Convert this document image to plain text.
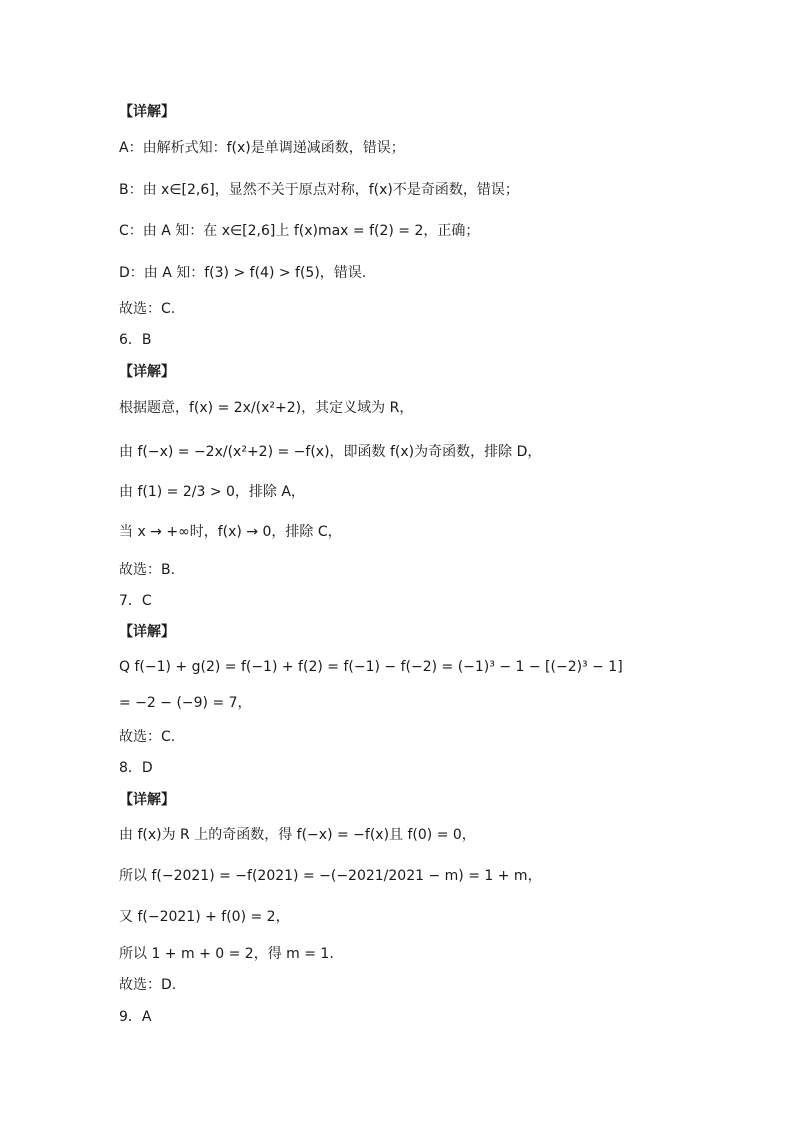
【详解】
A：由解析式知：f(x)是单调递减函数，错误；
B：由 x∈[2,6]，显然不关于原点对称，f(x)不是奇函数，错误；
C：由 A 知：在 x∈[2,6]上 f(x)max = f(2) = 2，正确；
D：由 A 知：f(3) > f(4) > f(5)，错误.
故选：C.
6．B
【详解】
根据题意，f(x) = 2x/(x²+2)，其定义域为 R，
由 f(−x) = −2x/(x²+2) = −f(x)，即函数 f(x)为奇函数，排除 D，
由 f(1) = 2/3 > 0，排除 A，
当 x → +∞时，f(x) → 0，排除 C，
故选：B.
7．C
【详解】
Q f(−1) + g(2) = f(−1) + f(2) = f(−1) − f(−2) = (−1)³ − 1 − [(−2)³ − 1]
= −2 − (−9) = 7，
故选：C.
8．D
【详解】
由 f(x)为 R 上的奇函数，得 f(−x) = −f(x)且 f(0) = 0，
所以 f(−2021) = −f(2021) = −(−2021/2021 − m) = 1 + m，
又 f(−2021) + f(0) = 2，
所以 1 + m + 0 = 2，得 m = 1.
故选：D.
9．A
